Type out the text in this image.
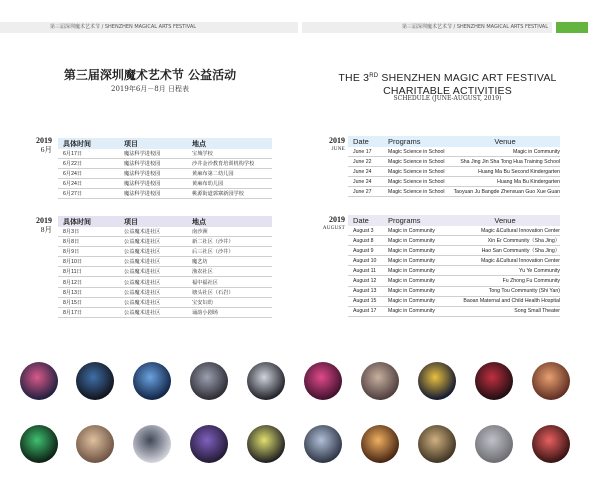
第三届深圳魔术艺术节 / SHENZHEN MAGICAL ARTS FESTIVAL	第三届深圳魔术艺术节 / SHENZHEN MAGICAL ARTS FESTIVAL
第三届深圳魔术艺术节 公益活动
2019年6月－8月 日程表
THE 3RD SHENZHEN MAGIC ART FESTIVAL
CHARITABLE ACTIVITIES
SCHEDULE (JUNE-AUGUST, 2019)
2019
6月
具体时间	项目	地点
6月17日	魔法科学进校园	宝城学校
6月22日	魔法科学进校园	沙井金沙教育培训机构学校
6月24日	魔法科学进校园	黄麻布第二幼儿园
6月24日	魔法科学进校园	黄麻布幼儿园
6月27日	魔法科学进校园	桃源街道郭寨新园学校
2019
8月
具体时间	项目	地点
8月3日	公益魔术进社区	南沙洲
8月8日	公益魔术进社区	新二社区（沙井）
8月9日	公益魔术进社区	后三社区（沙井）
8月10日	公益魔术进社区	魔艺坊
8月11日	公益魔术进社区	渔农社区
8月12日	公益魔术进社区	福中福社区
8月13日	公益魔术进社区	塘头社区（石岩）
8月15日	公益魔术进社区	宝安妇幼
8月17日	公益魔术进社区	诵韵小剧场
2019
JUNE
Date	Programs	Venue
June 17	Magic Science in School	Magic in Community
June 22	Magic Science in School	Sha Jing Jin Sha Tong Hua Training School
June 24	Magic Science in School	Huang Ma Bu Second Kindergarten
June 24	Magic Science in School	Huang Ma Bu Kindergarten
June 27	Magic Science in School	Taoyuan Ju Bangde Zhenxuan Guo Xue Guan
2019
AUGUST
Date	Programs	Venue
August 3	Magic in Community	Magic &Cultural Innovation Center
August 8	Magic in Community	Xin Er Community（Sha Jing）
August 9	Magic in Community	Hao San Community（Sha Jing）
August 10	Magic in Community	Magic &Cultural Innovation Center
August 11	Magic in Community	Yu Ye Community
August 12	Magic in Community	Fu Zhong Fu Community
August 13	Magic in Community	Tong Tou Community (Shi Yan)
August 15	Magic in Community	Baoan Maternal and Child Health Hospital
August 17	Magic in Community	Song Small Theater
